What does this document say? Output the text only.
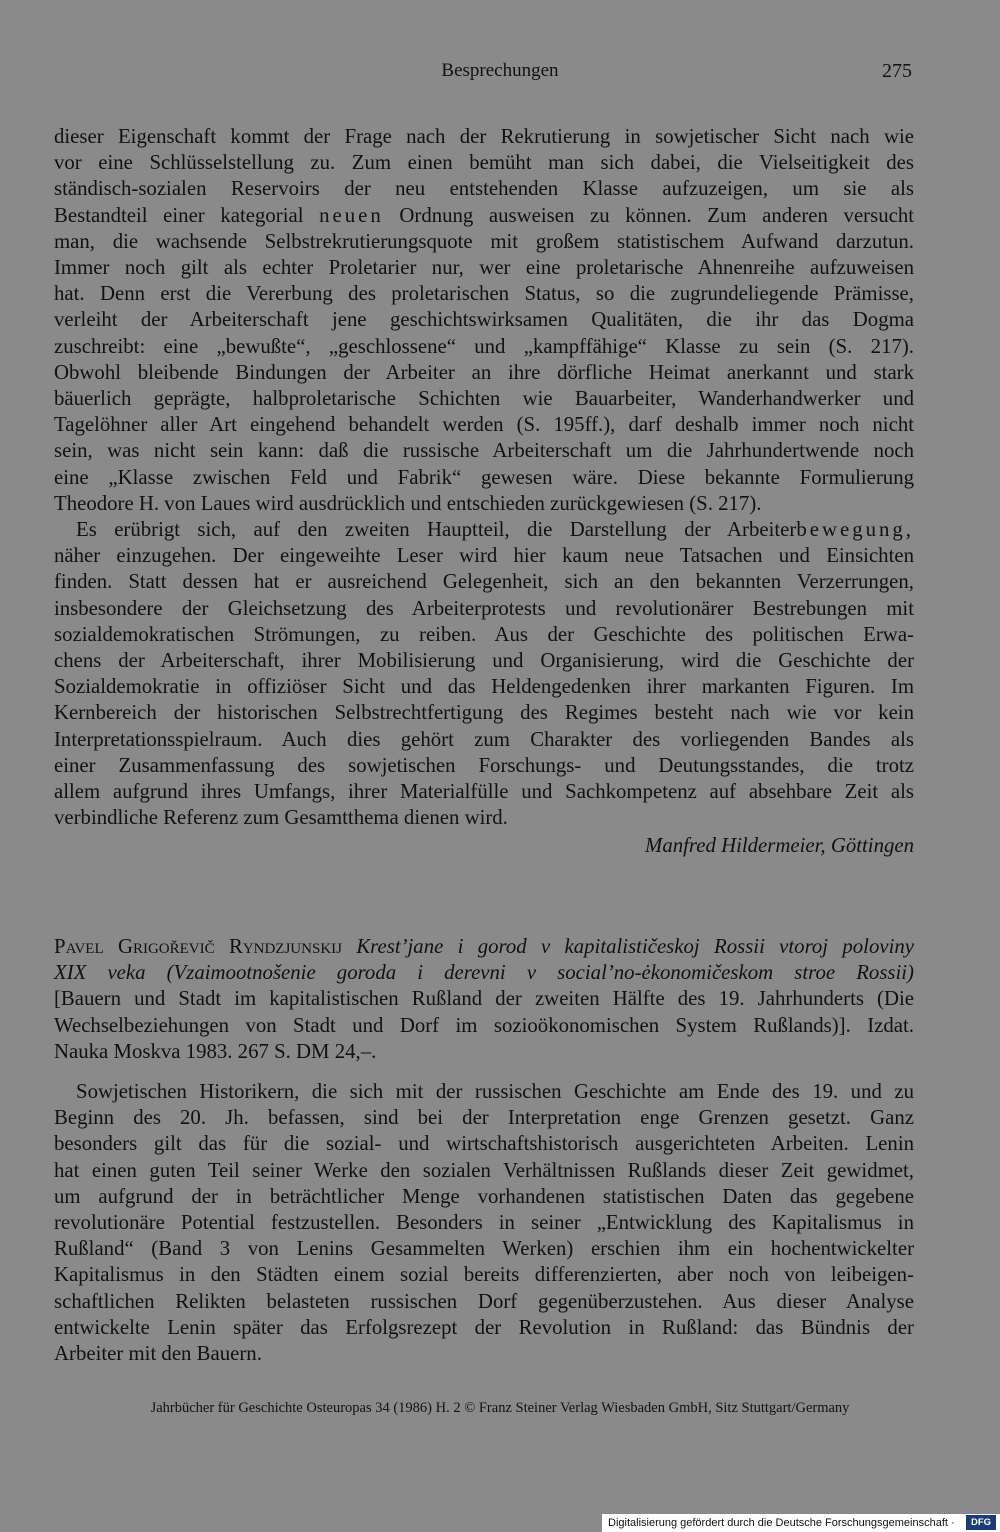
Besprechungen	275
dieser Eigenschaft kommt der Frage nach der Rekrutierung in sowjetischer Sicht nach wie
vor eine Schlüsselstellung zu. Zum einen bemüht man sich dabei, die Vielseitigkeit des
ständisch-sozialen Reservoirs der neu entstehenden Klasse aufzuzeigen, um sie als
Bestandteil einer kategorial neuen Ordnung ausweisen zu können. Zum anderen versucht
man, die wachsende Selbstrekrutierungsquote mit großem statistischem Aufwand darzutun.
Immer noch gilt als echter Proletarier nur, wer eine proletarische Ahnenreihe aufzuweisen
hat. Denn erst die Vererbung des proletarischen Status, so die zugrundeliegende Prämisse,
verleiht der Arbeiterschaft jene geschichtswirksamen Qualitäten, die ihr das Dogma
zuschreibt: eine „bewußte“, „geschlossene“ und „kampffähige“ Klasse zu sein (S. 217).
Obwohl bleibende Bindungen der Arbeiter an ihre dörfliche Heimat anerkannt und stark
bäuerlich geprägte, halbproletarische Schichten wie Bauarbeiter, Wanderhandwerker und
Tagelöhner aller Art eingehend behandelt werden (S. 195ff.), darf deshalb immer noch nicht
sein, was nicht sein kann: daß die russische Arbeiterschaft um die Jahrhundertwende noch
eine „Klasse zwischen Feld und Fabrik“ gewesen wäre. Diese bekannte Formulierung
Theodore H. von Laues wird ausdrücklich und entschieden zurückgewiesen (S. 217).
Es erübrigt sich, auf den zweiten Hauptteil, die Darstellung der Arbeiterbewegung,
näher einzugehen. Der eingeweihte Leser wird hier kaum neue Tatsachen und Einsichten
finden. Statt dessen hat er ausreichend Gelegenheit, sich an den bekannten Verzerrungen,
insbesondere der Gleichsetzung des Arbeiterprotests und revolutionärer Bestrebungen mit
sozialdemokratischen Strömungen, zu reiben. Aus der Geschichte des politischen Erwa-
chens der Arbeiterschaft, ihrer Mobilisierung und Organisierung, wird die Geschichte der
Sozialdemokratie in offiziöser Sicht und das Heldengedenken ihrer markanten Figuren. Im
Kernbereich der historischen Selbstrechtfertigung des Regimes besteht nach wie vor kein
Interpretationsspielraum. Auch dies gehört zum Charakter des vorliegenden Bandes als
einer Zusammenfassung des sowjetischen Forschungs- und Deutungsstandes, die trotz
allem aufgrund ihres Umfangs, ihrer Materialfülle und Sachkompetenz auf absehbare Zeit als
verbindliche Referenz zum Gesamtthema dienen wird.
Manfred Hildermeier, Göttingen
Pavel Grigořevič Ryndzjunskij Krest’jane i gorod v kapitalističeskoj Rossii vtoroj poloviny
XIX veka (Vzaimootnošenie goroda i derevni v social’no-ėkonomičeskom stroe Rossii)
[Bauern und Stadt im kapitalistischen Rußland der zweiten Hälfte des 19. Jahrhunderts (Die
Wechselbeziehungen von Stadt und Dorf im sozioökonomischen System Rußlands)]. Izdat.
Nauka Moskva 1983. 267 S. DM 24,–.
Sowjetischen Historikern, die sich mit der russischen Geschichte am Ende des 19. und zu
Beginn des 20. Jh. befassen, sind bei der Interpretation enge Grenzen gesetzt. Ganz
besonders gilt das für die sozial- und wirtschaftshistorisch ausgerichteten Arbeiten. Lenin
hat einen guten Teil seiner Werke den sozialen Verhältnissen Rußlands dieser Zeit gewidmet,
um aufgrund der in beträchtlicher Menge vorhandenen statistischen Daten das gegebene
revolutionäre Potential festzustellen. Besonders in seiner „Entwicklung des Kapitalismus in
Rußland“ (Band 3 von Lenins Gesammelten Werken) erschien ihm ein hochentwickelter
Kapitalismus in den Städten einem sozial bereits differenzierten, aber noch von leibeigen-
schaftlichen Relikten belasteten russischen Dorf gegenüberzustehen. Aus dieser Analyse
entwickelte Lenin später das Erfolgsrezept der Revolution in Rußland: das Bündnis der
Arbeiter mit den Bauern.
Jahrbücher für Geschichte Osteuropas 34 (1986) H. 2 © Franz Steiner Verlag Wiesbaden GmbH, Sitz Stuttgart/Germany
Digitalisierung gefördert durch die Deutsche Forschungsgemeinschaft ·	DFG
